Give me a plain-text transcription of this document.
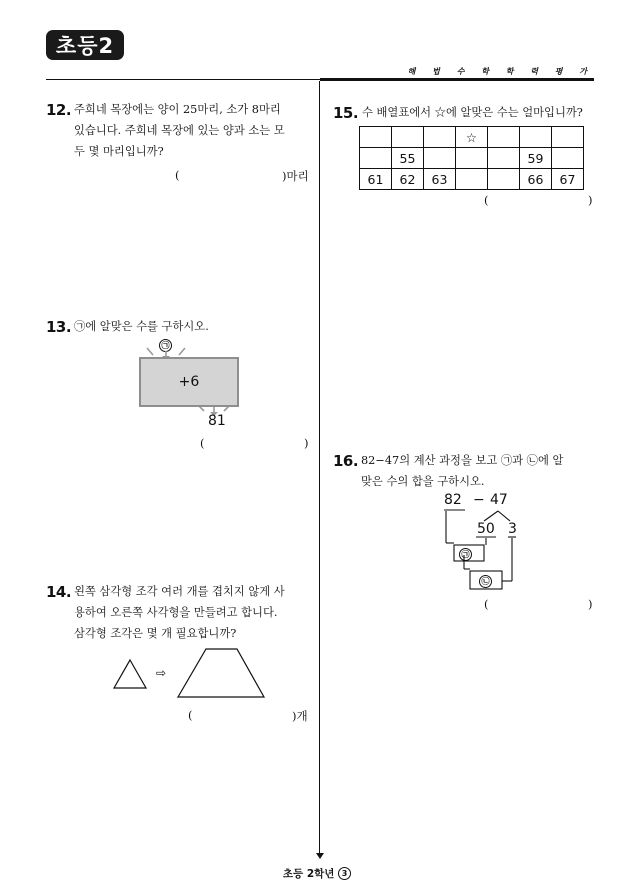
초등2
해 법 수 학 학 력 평 가
12. 주희네 목장에는 양이 25마리, 소가 8마리
있습니다. 주희네 목장에 있는 양과 소는 모
두 몇 마리입니까?
(	)마리
13. ㉠에 알맞은 수를 구하시오.
㉠
+6
81
(	)
14. 왼쪽 삼각형 조각 여러 개를 겹치지 않게 사
용하여 오른쪽 사각형을 만들려고 합니다.
삼각형 조각은 몇 개 필요합니까?
⇨
(	)개
15. 수 배열표에서 ☆에 알맞은 수는 얼마입니까?
			☆			
	55				59	
61	62	63			66	67
(	)
16. 82−47의 계산 과정을 보고 ㉠과 ㉡에 알
맞은 수의 합을 구하시오.
82 − 47
50 3
㉠
㉡
(	)
초등 2학년 3
